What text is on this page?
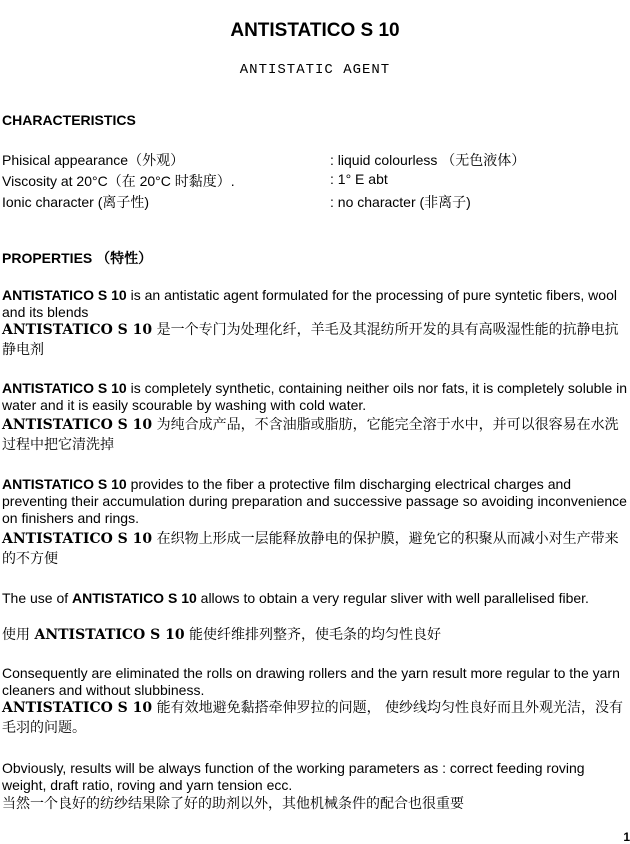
ANTISTATICO S 10
ANTISTATIC AGENT
CHARACTERISTICS
Phisical appearance（外观）	: liquid colourless （无色液体）
Viscosity at 20°C（在 20°C 时黏度）.	: 1° E abt
Ionic character (离子性)	: no character (非离子)
PROPERTIES （特性）
ANTISTATICO S 10 is an antistatic agent formulated for the processing of pure syntetic fibers, wool and its blends
ANTISTATICO S 10 是一个专门为处理化纤，羊毛及其混纺所开发的具有高吸湿性能的抗静电抗静电剂
ANTISTATICO S 10 is completely synthetic, containing neither oils nor fats, it is completely soluble in water and it is easily scourable by washing with cold water.
ANTISTATICO S 10 为纯合成产品，不含油脂或脂肪，它能完全溶于水中，并可以很容易在水洗过程中把它清洗掉
ANTISTATICO S 10 provides to the fiber a protective film discharging electrical charges and preventing their accumulation during preparation and successive passage so avoiding inconvenience on finishers and rings.
ANTISTATICO S 10 在织物上形成一层能释放静电的保护膜，避免它的积聚从而减小对生产带来的不方便
The use of ANTISTATICO S 10 allows to obtain a very regular sliver with well parallelised fiber.
使用 ANTISTATICO S 10 能使纤维排列整齐，使毛条的均匀性良好
Consequently are eliminated the rolls on drawing rollers and the yarn result more regular to the yarn cleaners and without slubbiness.
ANTISTATICO S 10 能有效地避免黏搭牵伸罗拉的问题， 使纱线均匀性良好而且外观光洁，没有毛羽的问题。
Obviously, results will be always function of the working parameters as : correct feeding roving weight, draft ratio, roving and yarn tension ecc.
当然一个良好的纺纱结果除了好的助剂以外，其他机械条件的配合也很重要
1
